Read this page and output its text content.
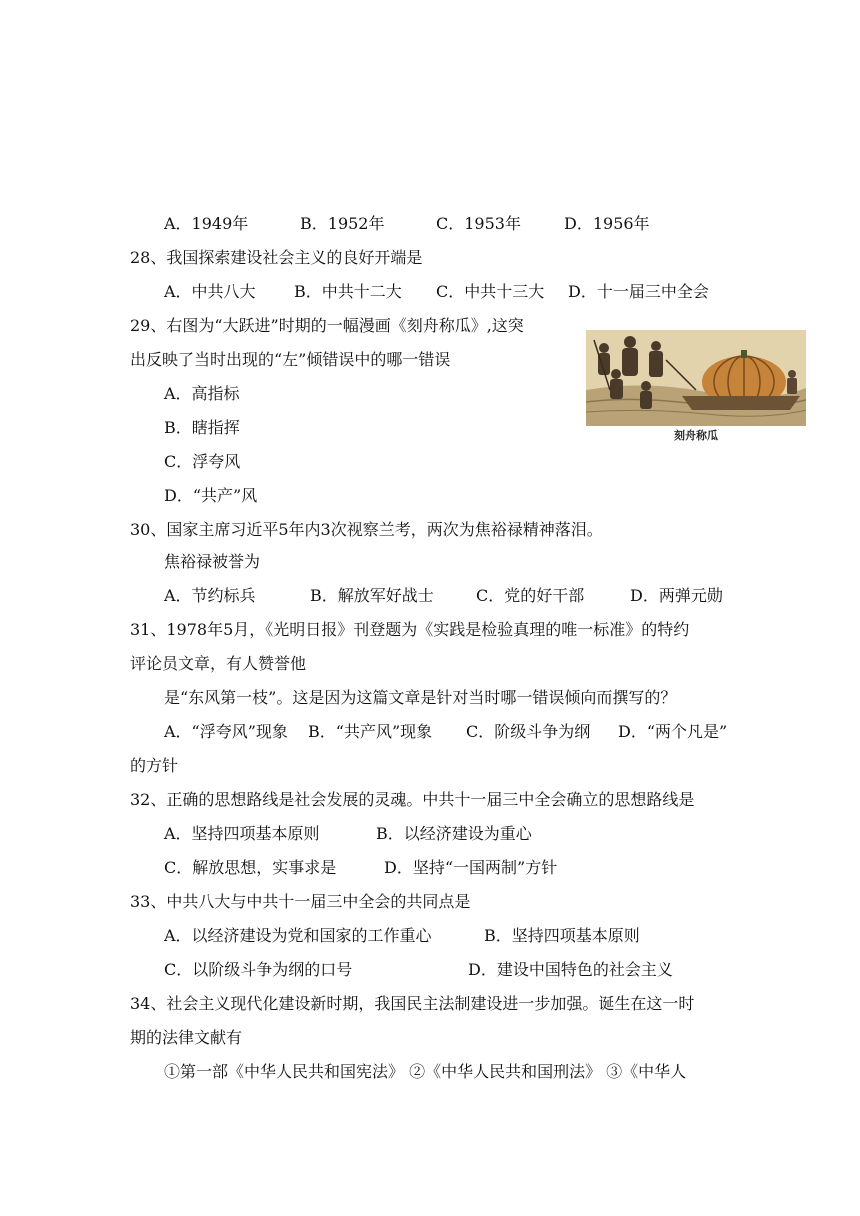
A．1949年	B．1952年	C．1953年	D．1956年
28、我国探索建设社会主义的良好开端是
A．中共八大 B．中共十二大 C．中共十三大 D．十一届三中全会
29、右图为“大跃进”时期的一幅漫画《刻舟称瓜》,这突
出反映了当时出现的“左”倾错误中的哪一错误
A．高指标
B．瞎指挥
C．浮夸风
D．“共产”风
刻舟称瓜
30、国家主席习近平5年内3次视察兰考，两次为焦裕禄精神落泪。
焦裕禄被誉为
A．节约标兵	B．解放军好战士	C．党的好干部	D．两弹元勋
31、1978年5月，《光明日报》刊登题为《实践是检验真理的唯一标准》的特约
评论员文章，有人赞誉他
是“东风第一枝”。这是因为这篇文章是针对当时哪一错误倾向而撰写的？
A．“浮夸风”现象 B．“共产风”现象 C．阶级斗争为纲 D．“两个凡是”
的方针
32、正确的思想路线是社会发展的灵魂。中共十一届三中全会确立的思想路线是
A．坚持四项基本原则	B．以经济建设为重心
C．解放思想，实事求是	D．坚持“一国两制”方针
33、中共八大与中共十一届三中全会的共同点是
A．以经济建设为党和国家的工作重心	B．坚持四项基本原则
C．以阶级斗争为纲的口号	D．建设中国特色的社会主义
34、社会主义现代化建设新时期，我国民主法制建设进一步加强。诞生在这一时
期的法律文献有
①第一部《中华人民共和国宪法》 ②《中华人民共和国刑法》 ③《中华人
